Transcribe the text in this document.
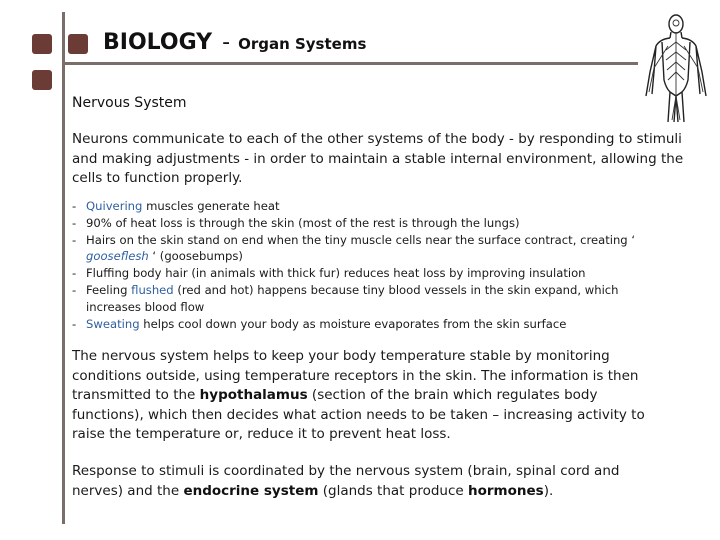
BIOLOGY - Organ Systems
Nervous System
Neurons communicate to each of the other systems of the body - by responding to stimuli and making adjustments - in order to maintain a stable internal environment, allowing the cells to function properly.
- Quivering muscles generate heat
- 90% of heat loss is through the skin (most of the rest is through the lungs)
- Hairs on the skin stand on end when the tiny muscle cells near the surface contract, creating ‘ gooseflesh ‘ (goosebumps)
- Fluffing body hair (in animals with thick fur) reduces heat loss by improving insulation
- Feeling flushed (red and hot) happens because tiny blood vessels in the skin expand, which increases blood flow
- Sweating helps cool down your body as moisture evaporates from the skin surface
The nervous system helps to keep your body temperature stable by monitoring conditions outside, using temperature receptors in the skin. The information is then transmitted to the hypothalamus (section of the brain which regulates body functions), which then decides what action needs to be taken – increasing activity to raise the temperature or, reduce it to prevent heat loss.
Response to stimuli is coordinated by the nervous system (brain, spinal cord and nerves) and the endocrine system (glands that produce hormones).
